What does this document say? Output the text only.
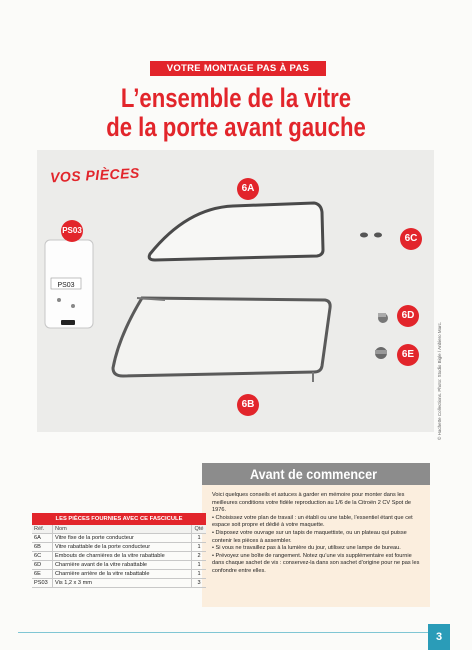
VOTRE MONTAGE PAS À PAS
L’ensemble de la vitre
de la porte avant gauche
VOS PIÈCES
PS03
6A
6C
6D
6E
6B
PS03
© Hachette Collections. Photo: Studio Bigle / Anbiero Marc.
Avant de commencer

Voici quelques conseils et astuces à garder en mémoire pour monter dans les meilleures conditions votre fidèle reproduction au 1/6 de la Citroën 2 CV Spot de 1976.

• Choisissez votre plan de travail : un établi ou une table, l’essentiel étant que cet espace soit propre et dédié à votre maquette.

• Disposez votre ouvrage sur un tapis de maquettiste, ou un plateau qui puisse contenir les pièces à assembler.

• Si vous ne travaillez pas à la lumière du jour, utilisez une lampe de bureau.

• Prévoyez une boîte de rangement. Notez qu’une vis supplémentaire est fournie dans chaque sachet de vis : conservez-la dans son sachet d’origine pour ne pas les confondre entre elles.

LES PIÈCES FOURNIES AVEC CE FASCICULE
Réf.	Nom	Qté
6A	Vitre fixe de la porte conducteur	1
6B	Vitre rabattable de la porte conducteur	1
6C	Embouts de charnières de la vitre rabattable	2
6D	Charnière avant de la vitre rabattable	1
6E	Charnière arrière de la vitre rabattable	1
PS03	Vis 1,2 x 3 mm	3
3
